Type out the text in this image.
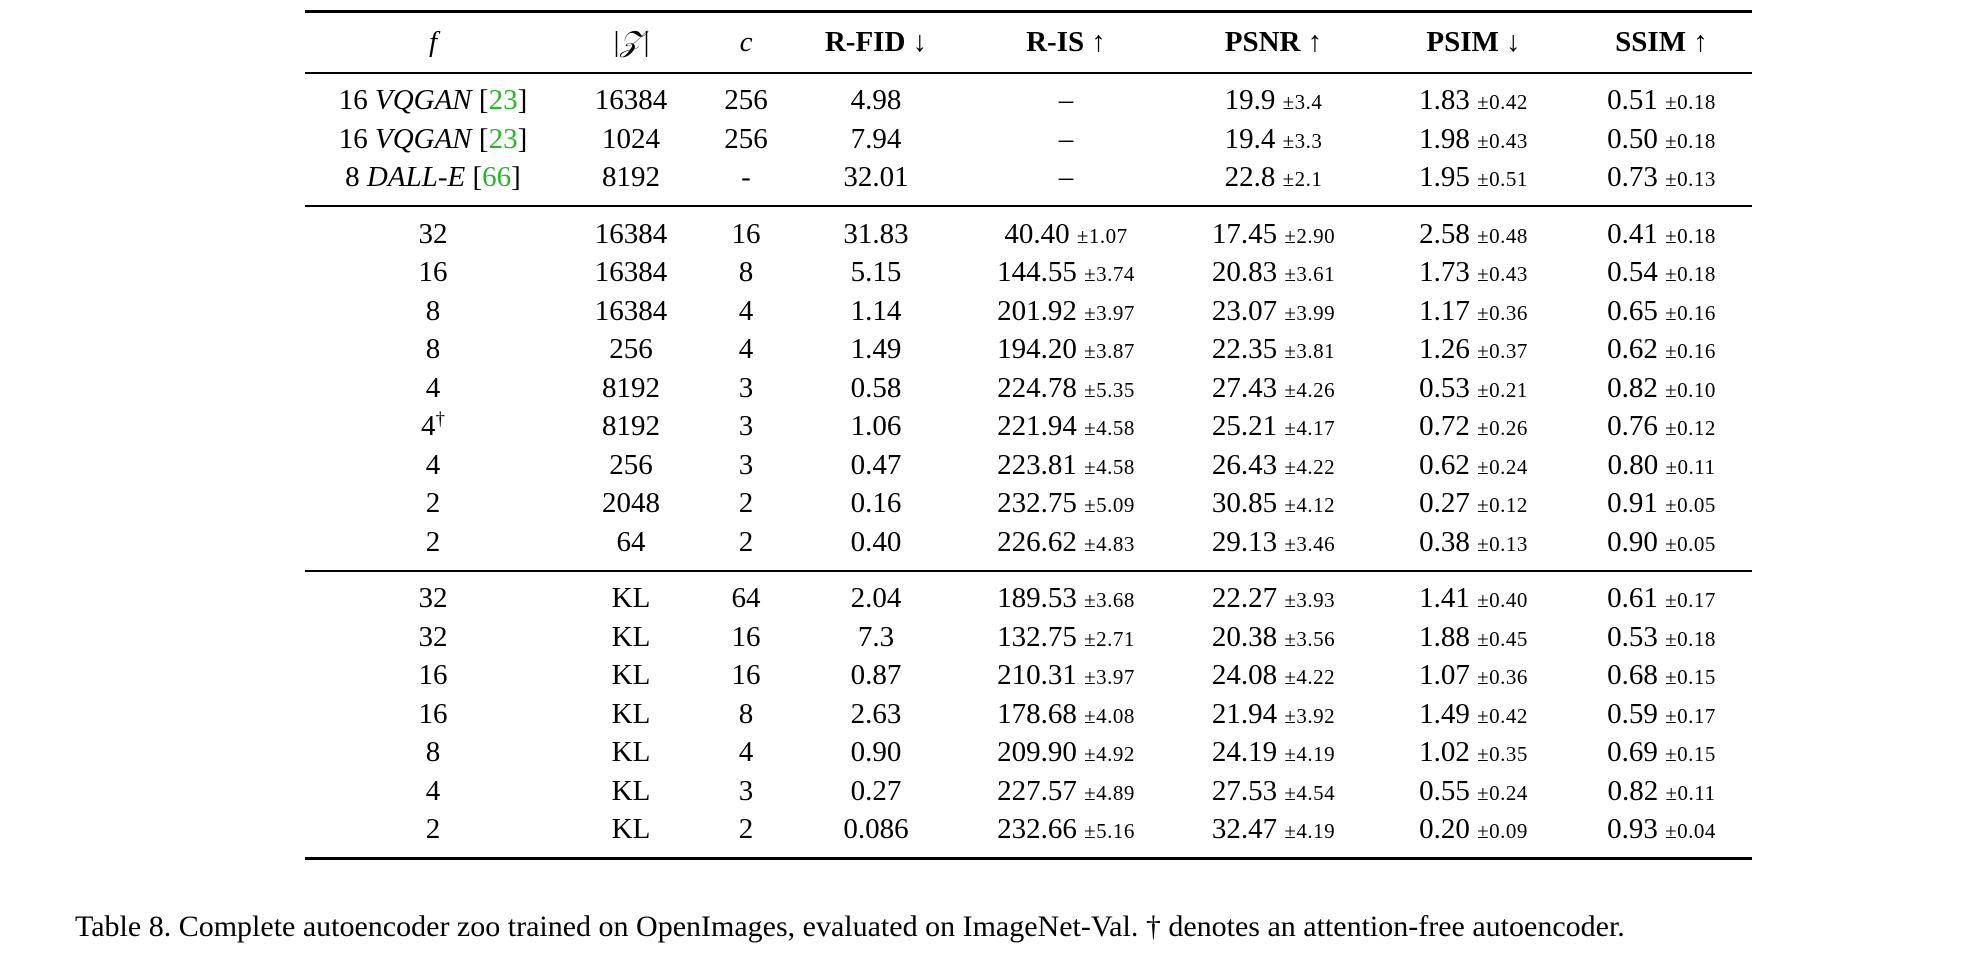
f	|𝒵|	c	R-FID ↓	R-IS ↑	PSNR ↑	PSIM ↓	SSIM ↑
16 VQGAN [23]	16384	256	4.98	–	19.9 ±3.4	1.83 ±0.42	0.51 ±0.18
16 VQGAN [23]	1024	256	7.94	–	19.4 ±3.3	1.98 ±0.43	0.50 ±0.18
8 DALL-E [66]	8192	-	32.01	–	22.8 ±2.1	1.95 ±0.51	0.73 ±0.13
32	16384	16	31.83	40.40 ±1.07	17.45 ±2.90	2.58 ±0.48	0.41 ±0.18
16	16384	8	5.15	144.55 ±3.74	20.83 ±3.61	1.73 ±0.43	0.54 ±0.18
8	16384	4	1.14	201.92 ±3.97	23.07 ±3.99	1.17 ±0.36	0.65 ±0.16
8	256	4	1.49	194.20 ±3.87	22.35 ±3.81	1.26 ±0.37	0.62 ±0.16
4	8192	3	0.58	224.78 ±5.35	27.43 ±4.26	0.53 ±0.21	0.82 ±0.10
4†	8192	3	1.06	221.94 ±4.58	25.21 ±4.17	0.72 ±0.26	0.76 ±0.12
4	256	3	0.47	223.81 ±4.58	26.43 ±4.22	0.62 ±0.24	0.80 ±0.11
2	2048	2	0.16	232.75 ±5.09	30.85 ±4.12	0.27 ±0.12	0.91 ±0.05
2	64	2	0.40	226.62 ±4.83	29.13 ±3.46	0.38 ±0.13	0.90 ±0.05
32	KL	64	2.04	189.53 ±3.68	22.27 ±3.93	1.41 ±0.40	0.61 ±0.17
32	KL	16	7.3	132.75 ±2.71	20.38 ±3.56	1.88 ±0.45	0.53 ±0.18
16	KL	16	0.87	210.31 ±3.97	24.08 ±4.22	1.07 ±0.36	0.68 ±0.15
16	KL	8	2.63	178.68 ±4.08	21.94 ±3.92	1.49 ±0.42	0.59 ±0.17
8	KL	4	0.90	209.90 ±4.92	24.19 ±4.19	1.02 ±0.35	0.69 ±0.15
4	KL	3	0.27	227.57 ±4.89	27.53 ±4.54	0.55 ±0.24	0.82 ±0.11
2	KL	2	0.086	232.66 ±5.16	32.47 ±4.19	0.20 ±0.09	0.93 ±0.04
Table 8. Complete autoencoder zoo trained on OpenImages, evaluated on ImageNet-Val. † denotes an attention-free autoencoder.
